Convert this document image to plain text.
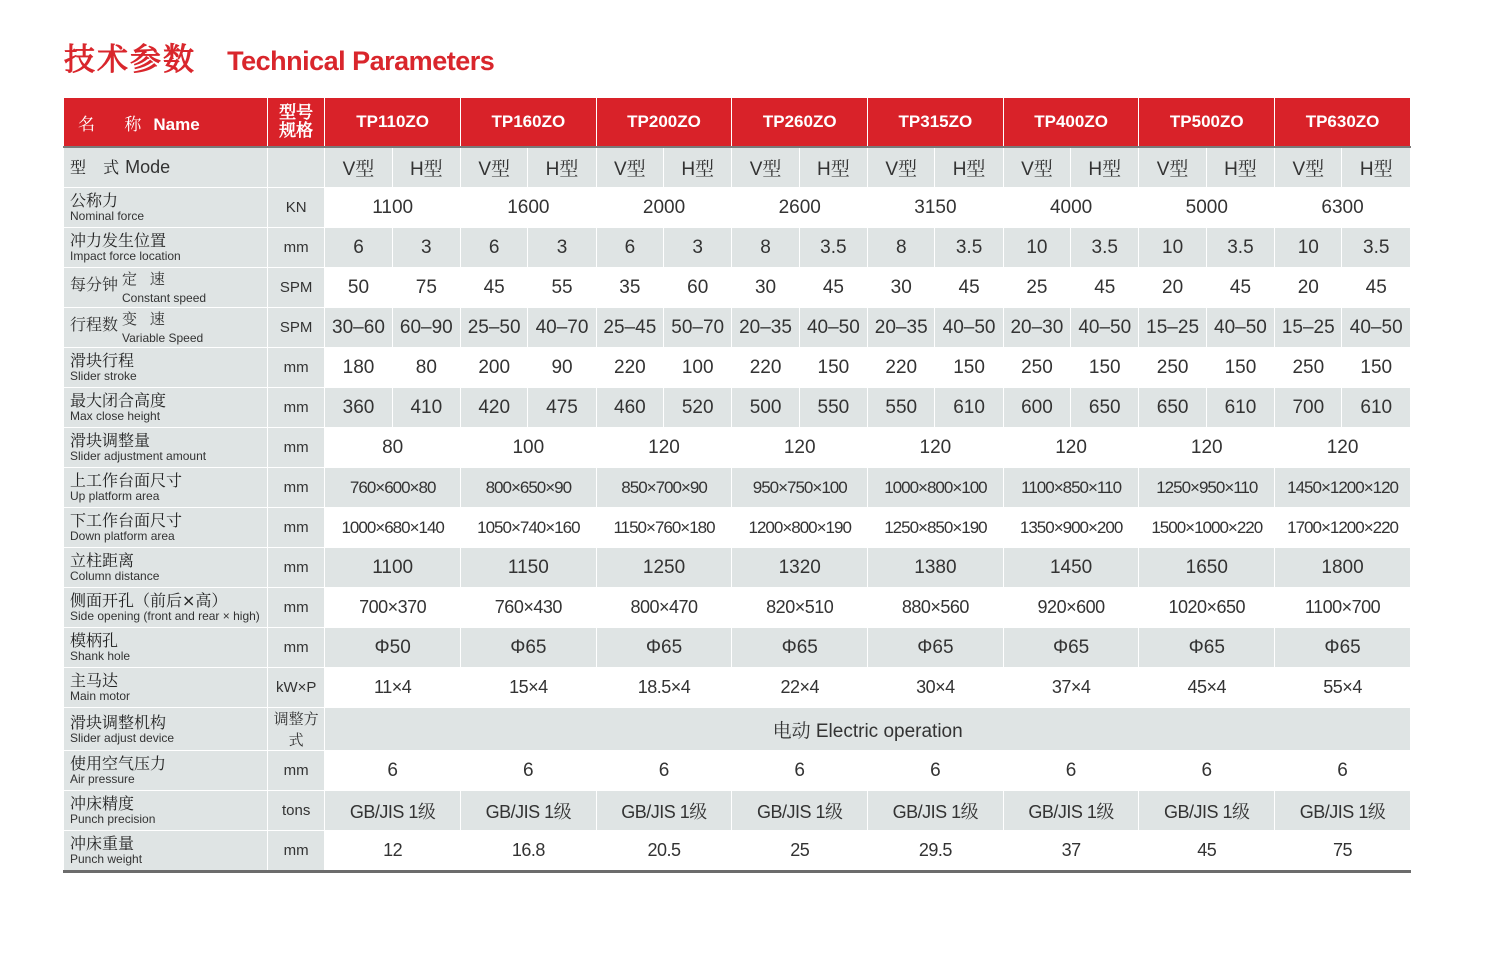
技术参数 Technical Parameters
名 称Name	型号
规格	TP110ZO		TP160ZO		TP200ZO		TP260ZO		TP315ZO		TP400ZO		TP500ZO		TP630ZO	
型 式Mode		V型	H型	V型	H型	V型	H型	V型	H型	V型	H型	V型	H型	V型	H型	V型	H型

公称力
Nominal force	KN	1100		1600		2000		2600		3150		4000		5000		6300	

冲力发生位置
Impact force location	mm	6	3	6	3	6	3	8	3.5	8	3.5	10	3.5	10	3.5	10	3.5

每分钟 定 速
Constant speed	SPM	50	75	45	55	35	60	30	45	30	45	25	45	20	45	20	45

行程数 变 速
Variable Speed	SPM	30–60	60–90	25–50	40–70	25–45	50–70	20–35	40–50	20–35	40–50	20–30	40–50	15–25	40–50	15–25	40–50

滑块行程
Slider stroke	mm	180	80	200	90	220	100	220	150	220	150	250	150	250	150	250	150

最大闭合高度
Max close height	mm	360	410	420	475	460	520	500	550	550	610	600	650	650	610	700	610

滑块调整量
Slider adjustment amount	mm	80		100		120		120		120		120		120		120	

上工作台面尺寸
Up platform area	mm	760×600×80		800×650×90		850×700×90		950×750×100		1000×800×100		1100×850×110		1250×950×110		1450×1200×120	

下工作台面尺寸
Down platform area	mm	1000×680×140		1050×740×160		1150×760×180		1200×800×190		1250×850×190		1350×900×200		1500×1000×220		1700×1200×220	

立柱距离
Column distance	mm	1100		1150		1250		1320		1380		1450		1650		1800	

侧面开孔（前后×高）
Side opening (front and rear × high)	mm	700×370		760×430		800×470		820×510		880×560		920×600		1020×650		1100×700	

模柄孔
Shank hole	mm	Φ50		Φ65		Φ65		Φ65		Φ65		Φ65		Φ65		Φ65	

主马达
Main motor	kW×P	11×4		15×4		18.5×4		22×4		30×4		37×4		45×4		55×4	

滑块调整机构
Slider adjust device	调整方式	电动 Electric operation															

使用空气压力
Air pressure	mm	6		6		6		6		6		6		6		6	

冲床精度
Punch precision	tons	GB/JIS 1级		GB/JIS 1级		GB/JIS 1级		GB/JIS 1级		GB/JIS 1级		GB/JIS 1级		GB/JIS 1级		GB/JIS 1级	

冲床重量
Punch weight	mm	12		16.8		20.5		25		29.5		37		45		75	
